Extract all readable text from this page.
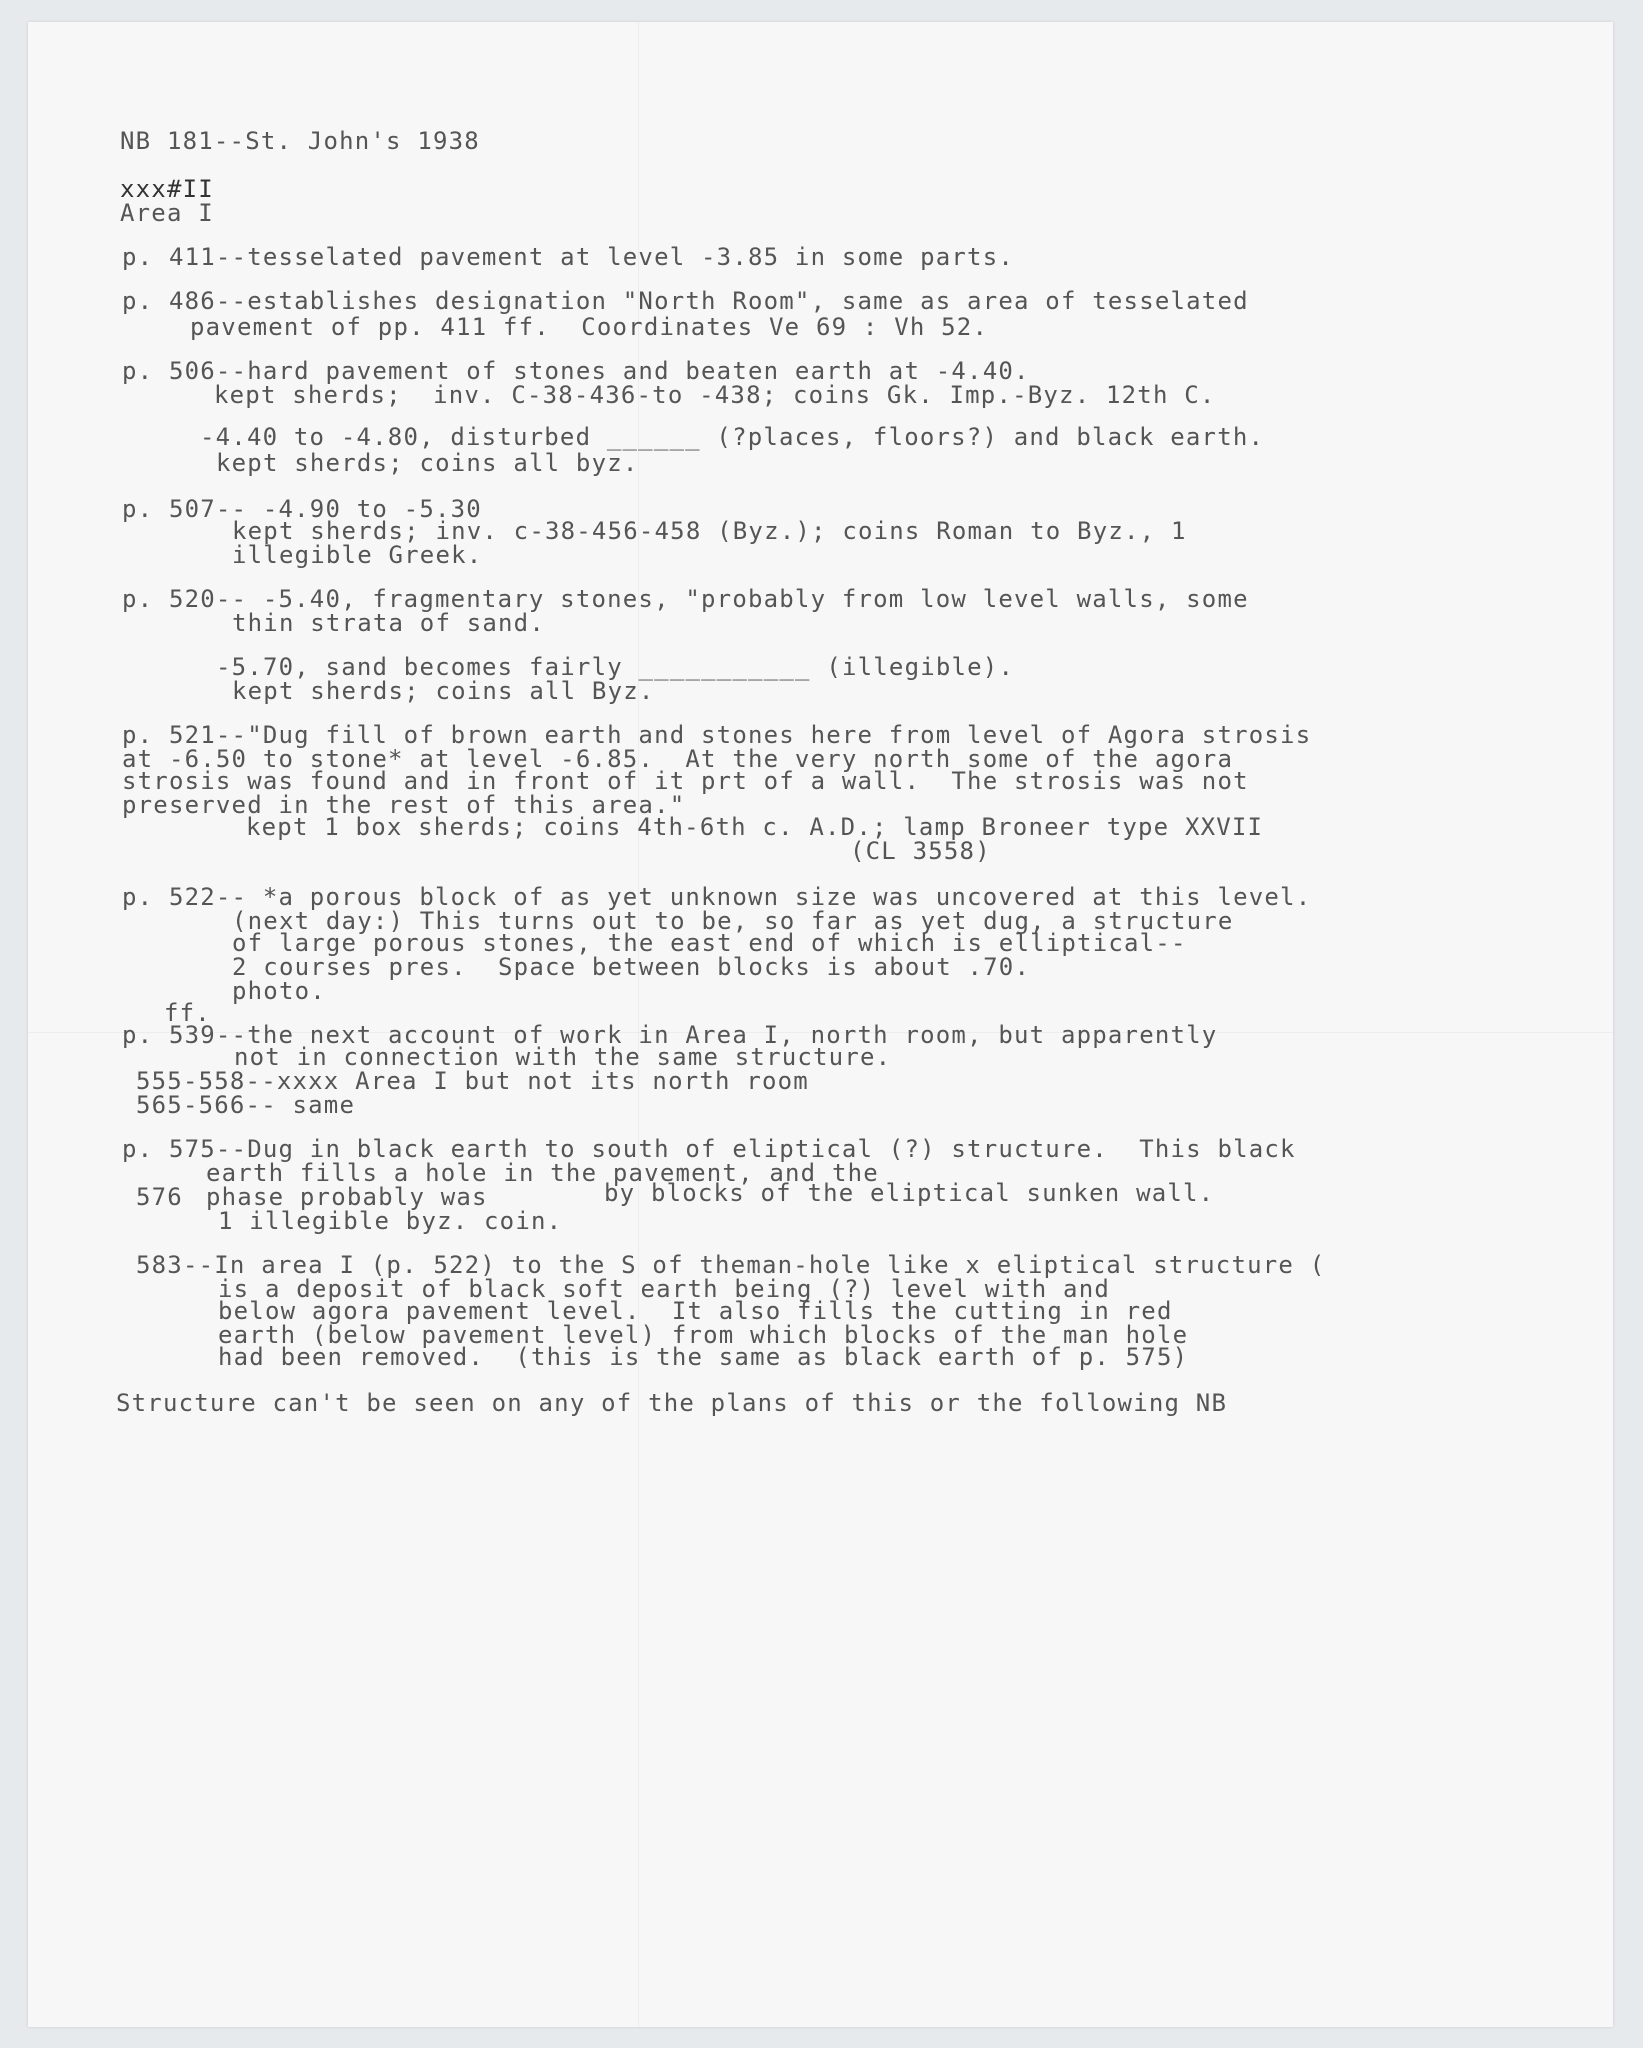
NB 181--St. John's 1938
xxx#II
Area I
p. 411--tesselated pavement at level -3.85 in some parts.
p. 486--establishes designation "North Room", same as area of tesselated
pavement of pp. 411 ff.  Coordinates Ve 69 : Vh 52.
p. 506--hard pavement of stones and beaten earth at -4.40.
kept sherds;  inv. C-38-436-to -438; coins Gk. Imp.-Byz. 12th C.
-4.40 to -4.80, disturbed ______ (?places, floors?) and black earth.
kept sherds; coins all byz.
p. 507-- -4.90 to -5.30
kept sherds; inv. c-38-456-458 (Byz.); coins Roman to Byz., 1
illegible Greek.
p. 520-- -5.40, fragmentary stones, "probably from low level walls, some
thin strata of sand.
-5.70, sand becomes fairly ___________ (illegible).
kept sherds; coins all Byz.
p. 521--"Dug fill of brown earth and stones here from level of Agora strosis
at -6.50 to stone* at level -6.85.  At the very north some of the agora
strosis was found and in front of it prt of a wall.  The strosis was not
preserved in the rest of this area."
kept 1 box sherds; coins 4th-6th c. A.D.; lamp Broneer type XXVII
(CL 3558)
p. 522-- *a porous block of as yet unknown size was uncovered at this level.
(next day:) This turns out to be, so far as yet dug, a structure
of large porous stones, the east end of which is elliptical--
2 courses pres.  Space between blocks is about .70.
photo.
ff.
p. 539--the next account of work in Area I, north room, but apparently
not in connection with the same structure.
555-558--xxxx Area I but not its north room
565-566-- same
p. 575--Dug in black earth to south of eliptical (?) structure.  This black
earth fills a hole in the pavement, and the
576 phase probably was	by blocks of the eliptical sunken wall.
1 illegible byz. coin.
583--In area I (p. 522) to the S of theman-hole like x eliptical structure (
is a deposit of black soft earth being (?) level with and
below agora pavement level.  It also fills the cutting in red
earth (below pavement level) from which blocks of the man hole
had been removed.  (this is the same as black earth of p. 575)
Structure can't be seen on any of the plans of this or the following NB
